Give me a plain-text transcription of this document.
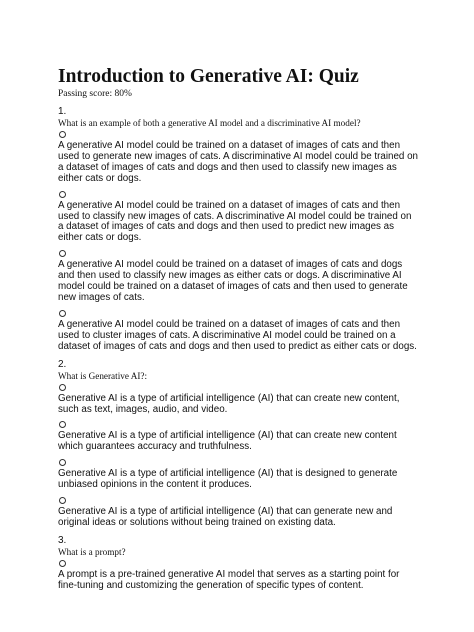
Introduction to Generative AI: Quiz

Passing score: 80%

1.

What is an example of both a generative AI model and a discriminative AI model?

A generative AI model could be trained on a dataset of images of cats and then used to generate new images of cats. A discriminative AI model could be trained on a dataset of images of cats and dogs and then used to classify new images as either cats or dogs.

A generative AI model could be trained on a dataset of images of cats and then used to classify new images of cats. A discriminative AI model could be trained on a dataset of images of cats and dogs and then used to predict new images as either cats or dogs.

A generative AI model could be trained on a dataset of images of cats and dogs and then used to classify new images as either cats or dogs. A discriminative AI model could be trained on a dataset of images of cats and then used to generate new images of cats.

A generative AI model could be trained on a dataset of images of cats and then used to cluster images of cats. A discriminative AI model could be trained on a dataset of images of cats and dogs and then used to predict as either cats or dogs.

2.

What is Generative AI?:

Generative AI is a type of artificial intelligence (AI) that can create new content, such as text, images, audio, and video.

Generative AI is a type of artificial intelligence (AI) that can create new content which guarantees accuracy and truthfulness.

Generative AI is a type of artificial intelligence (AI) that is designed to generate unbiased opinions in the content it produces.

Generative AI is a type of artificial intelligence (AI) that can generate new and original ideas or solutions without being trained on existing data.

3.

What is a prompt?

A prompt is a pre-trained generative AI model that serves as a starting point for fine-tuning and customizing the generation of specific types of content.
